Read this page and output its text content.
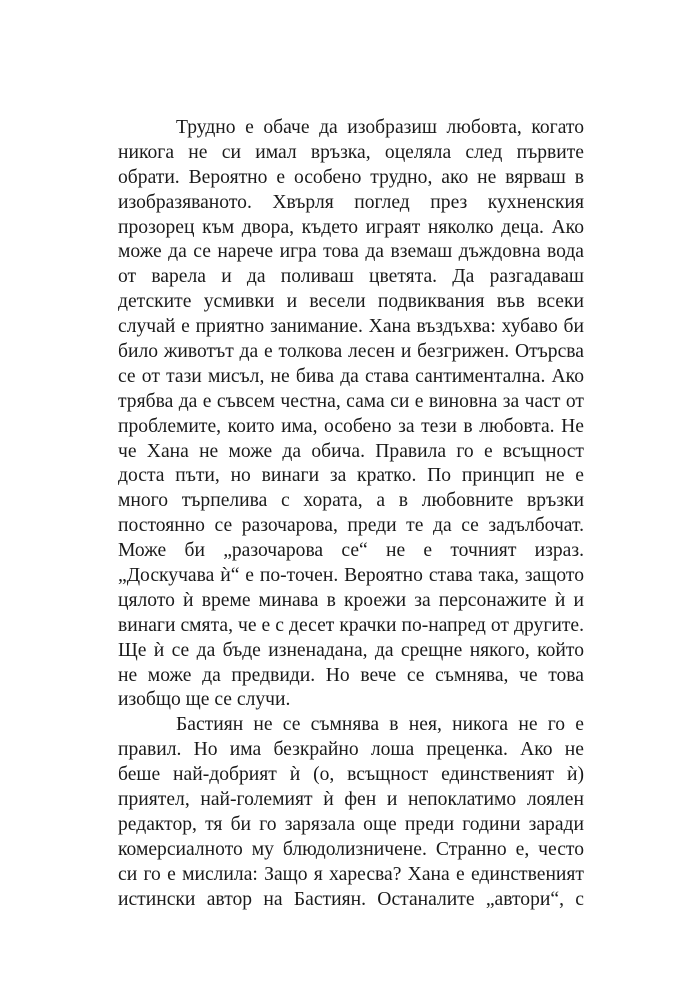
Трудно е обаче да изобразиш любовта, когато
никога не си имал връзка, оцеляла след първите
обрати. Вероятно е особено трудно, ако не вярваш в
изобразяваното. Хвърля поглед през кухненския
прозорец към двора, където играят няколко деца. Ако
може да се нарече игра това да вземаш дъждовна вода
от варела и да поливаш цветята. Да разгадаваш
детските усмивки и весели подвиквания във всеки
случай е приятно занимание. Хана въздъхва: хубаво би
било животът да е толкова лесен и безгрижен. Отърсва
се от тази мисъл, не бива да става сантиментална. Ако
трябва да е съвсем честна, сама си е виновна за част от
проблемите, които има, особено за тези в любовта. Не
че Хана не може да обича. Правила го е всъщност
доста пъти, но винаги за кратко. По принцип не е
много търпелива с хората, а в любовните връзки
постоянно се разочарова, преди те да се задълбочат.
Може би „разочарова се“ не е точният израз.
„Доскучава ѝ“ е по-точен. Вероятно става така, защото
цялото ѝ време минава в кроежи за персонажите ѝ и
винаги смята, че е с десет крачки по-напред от другите.
Ще ѝ се да бъде изненадана, да срещне някого, който
не може да предвиди. Но вече се съмнява, че това
изобщо ще се случи.
Бастиян не се съмнява в нея, никога не го е
правил. Но има безкрайно лоша преценка. Ако не
беше най-добрият ѝ (о, всъщност единственият ѝ)
приятел, най-големият ѝ фен и непоклатимо лоялен
редактор, тя би го зарязала още преди години заради
комерсиалното му блюдолизничене. Странно е, често
си го е мислила: Защо я харесва? Хана е единственият
истински автор на Бастиян. Останалите „автори“, с
